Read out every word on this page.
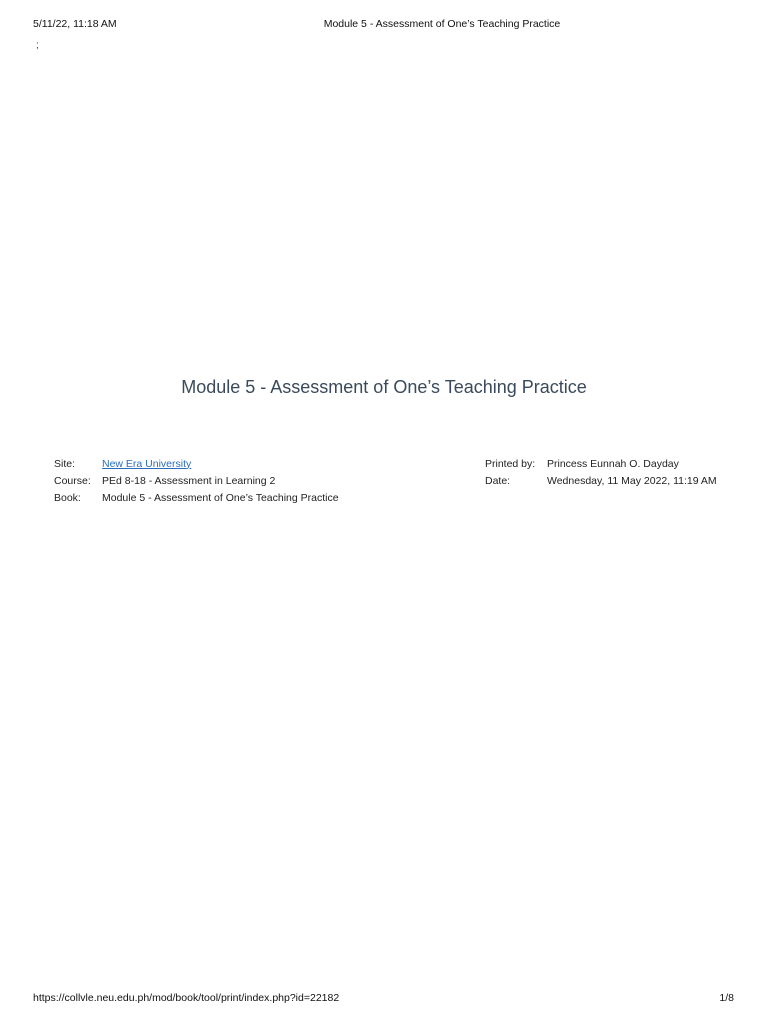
5/11/22, 11:18 AM	Module 5 - Assessment of One’s Teaching Practice
;
Module 5 - Assessment of One’s Teaching Practice
Site:	New Era University
Course:	PEd 8-18 - Assessment in Learning 2
Book:	Module 5 - Assessment of One’s Teaching Practice
Printed by:	Princess Eunnah O. Dayday
Date:	Wednesday, 11 May 2022, 11:19 AM
https://collvle.neu.edu.ph/mod/book/tool/print/index.php?id=22182	1/8
